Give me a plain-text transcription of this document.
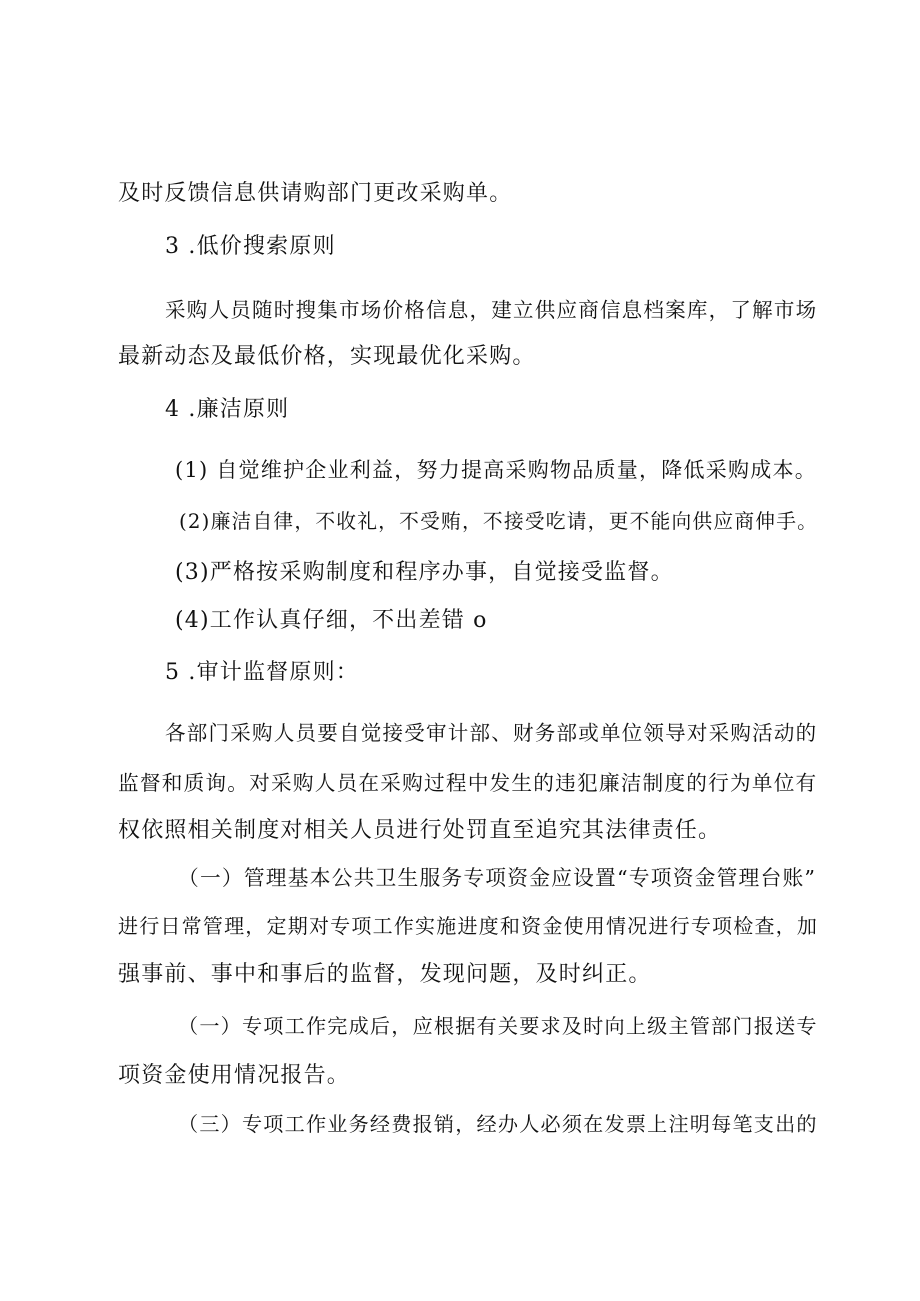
及时反馈信息供请购部门更改采购单。
3 .低价搜索原则
采购人员随时搜集市场价格信息，建立供应商信息档案库，了解市场
最新动态及最低价格，实现最优化采购。
4 .廉洁原则
(1) 自觉维护企业利益，努力提高采购物品质量，降低采购成本。
(2)廉洁自律，不收礼，不受贿，不接受吃请，更不能向供应商伸手。
(3)严格按采购制度和程序办事，自觉接受监督。
(4)工作认真仔细，不出差错 o
5 .审计监督原则：
各部门采购人员要自觉接受审计部、财务部或单位领导对采购活动的
监督和质询。对采购人员在采购过程中发生的违犯廉洁制度的行为单位有
权依照相关制度对相关人员进行处罚直至追究其法律责任。
（一）管理基本公共卫生服务专项资金应设置“专项资金管理台账”
进行日常管理，定期对专项工作实施进度和资金使用情况进行专项检查，加
强事前、事中和事后的监督，发现问题，及时纠正。
（一）专项工作完成后，应根据有关要求及时向上级主管部门报送专
项资金使用情况报告。
（三）专项工作业务经费报销，经办人必须在发票上注明每笔支出的
